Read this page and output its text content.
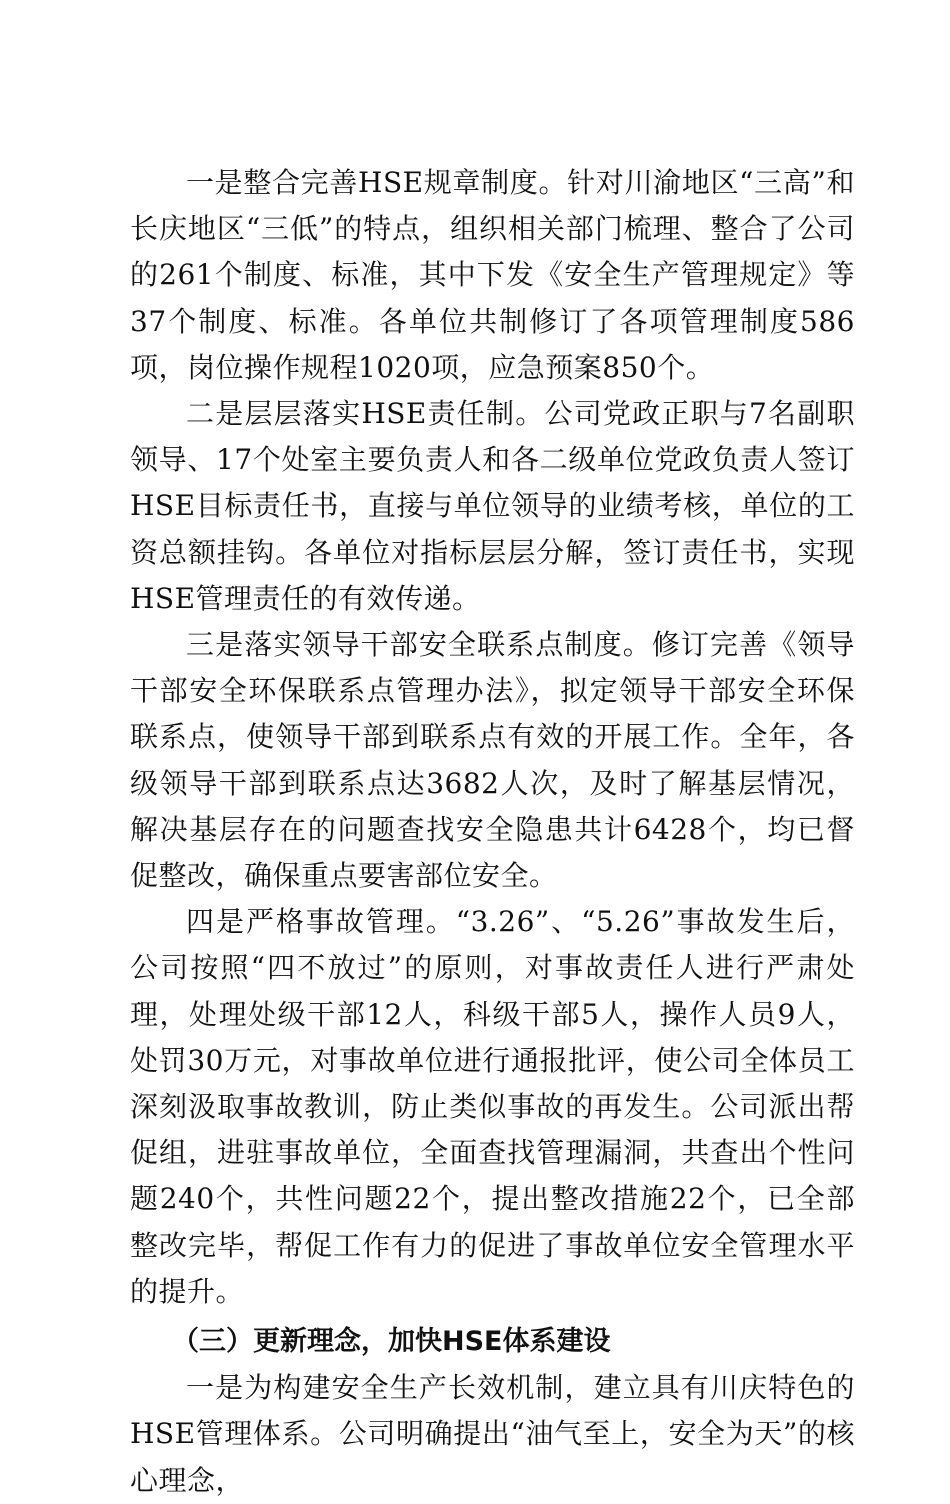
一是整合完善HSE规章制度。针对川渝地区“三高”和长庆地区“三低”的特点，组织相关部门梳理、整合了公司的261个制度、标准，其中下发《安全生产管理规定》等37个制度、标准。各单位共制修订了各项管理制度586项，岗位操作规程1020项，应急预案850个。

二是层层落实HSE责任制。公司党政正职与7名副职领导、17个处室主要负责人和各二级单位党政负责人签订HSE目标责任书，直接与单位领导的业绩考核，单位的工资总额挂钩。各单位对指标层层分解，签订责任书，实现HSE管理责任的有效传递。

三是落实领导干部安全联系点制度。修订完善《领导干部安全环保联系点管理办法》，拟定领导干部安全环保联系点，使领导干部到联系点有效的开展工作。全年，各级领导干部到联系点达3682人次，及时了解基层情况，解决基层存在的问题查找安全隐患共计6428个，均已督促整改，确保重点要害部位安全。

四是严格事故管理。“3.26”、“5.26”事故发生后，公司按照“四不放过”的原则，对事故责任人进行严肃处理，处理处级干部12人，科级干部5人，操作人员9人，处罚30万元，对事故单位进行通报批评，使公司全体员工深刻汲取事故教训，防止类似事故的再发生。公司派出帮促组，进驻事故单位，全面查找管理漏洞，共查出个性问题240个，共性问题22个，提出整改措施22个，已全部整改完毕，帮促工作有力的促进了事故单位安全管理水平的提升。

（三）更新理念，加快HSE体系建设

一是为构建安全生产长效机制，建立具有川庆特色的HSE管理体系。公司明确提出“油气至上，安全为天”的核心理念，
